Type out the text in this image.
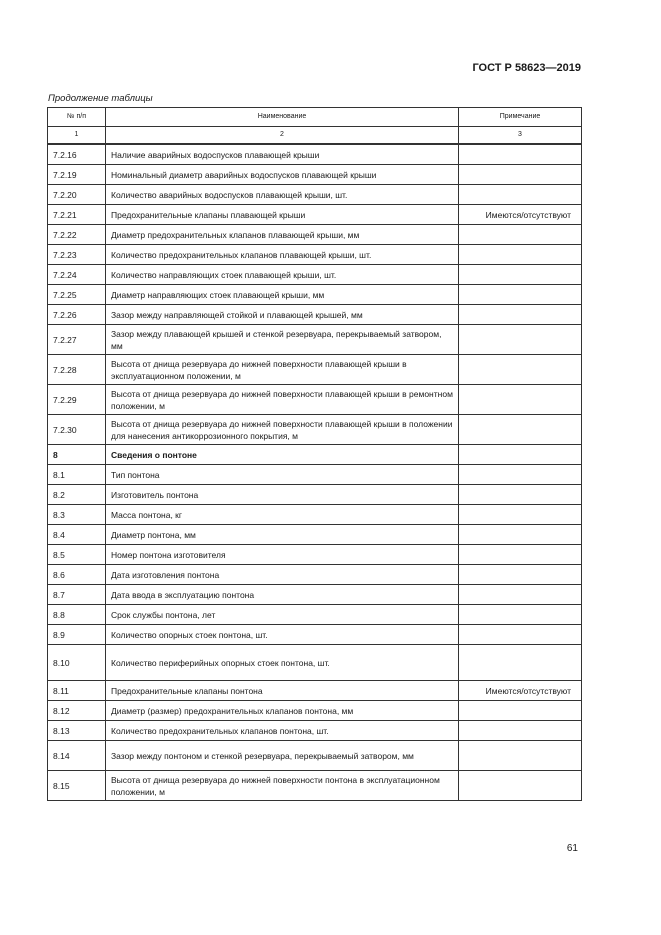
ГОСТ Р 58623—2019
Продолжение таблицы
№ п/п	Наименование	Примечание
1	2	3
7.2.16	Наличие аварийных водоспусков плавающей крыши	
7.2.19	Номинальный диаметр аварийных водоспусков плавающей крыши	
7.2.20	Количество аварийных водоспусков плавающей крыши, шт.	
7.2.21	Предохранительные клапаны плавающей крыши	Имеются/отсутствуют
7.2.22	Диаметр предохранительных клапанов плавающей крыши, мм	
7.2.23	Количество предохранительных клапанов плавающей крыши, шт.	
7.2.24	Количество направляющих стоек плавающей крыши, шт.	
7.2.25	Диаметр направляющих стоек плавающей крыши, мм	
7.2.26	Зазор между направляющей стойкой и плавающей крышей, мм	
7.2.27	Зазор между плавающей крышей и стенкой резервуара, перекрываемый затвором, мм	
7.2.28	Высота от днища резервуара до нижней поверхности плавающей крыши в эксплуатационном положении, м	
7.2.29	Высота от днища резервуара до нижней поверхности плавающей крыши в ремонтном положении, м	
7.2.30	Высота от днища резервуара до нижней поверхности плавающей крыши в положении для нанесения антикоррозионного покрытия, м	
8	Сведения о понтоне	
8.1	Тип понтона	
8.2	Изготовитель понтона	
8.3	Масса понтона, кг	
8.4	Диаметр понтона, мм	
8.5	Номер понтона изготовителя	
8.6	Дата изготовления понтона	
8.7	Дата ввода в эксплуатацию понтона	
8.8	Срок службы понтона, лет	
8.9	Количество опорных стоек понтона, шт.	
8.10	Количество периферийных опорных стоек понтона, шт.	
8.11	Предохранительные клапаны понтона	Имеются/отсутствуют
8.12	Диаметр (размер) предохранительных клапанов понтона, мм	
8.13	Количество предохранительных клапанов понтона, шт.	
8.14	Зазор между понтоном и стенкой резервуара, перекрываемый затвором, мм	
8.15	Высота от днища резервуара до нижней поверхности понтона в эксплуатационном положении, м	
61
